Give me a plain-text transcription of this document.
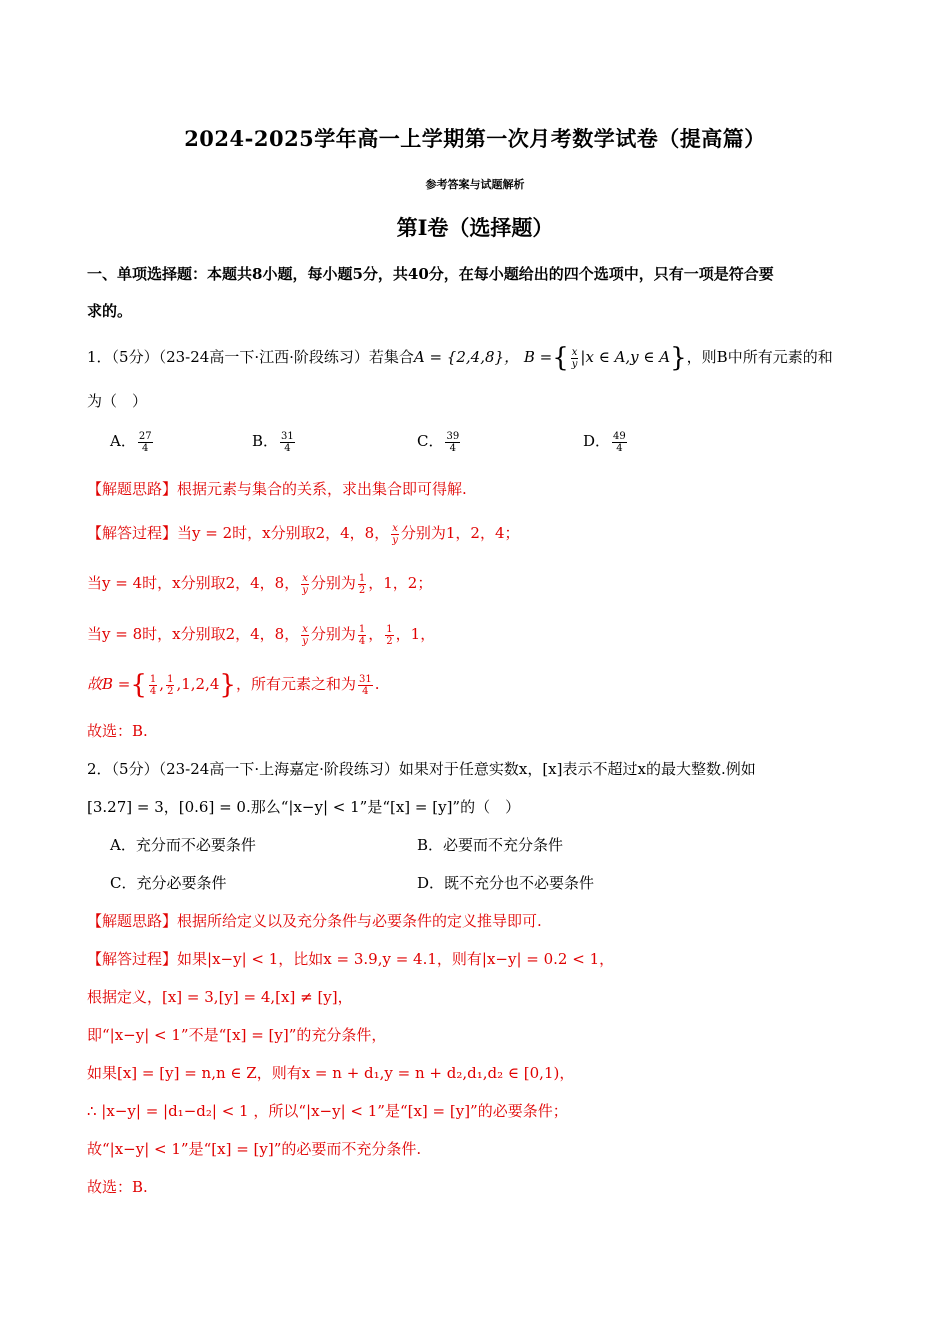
2024-2025学年高一上学期第一次月考数学试卷（提高篇）
参考答案与试题解析
第I卷（选择题）
一、单项选择题：本题共8小题，每小题5分，共40分，在每小题给出的四个选项中，只有一项是符合要
求的。
1．（5分）（23-24高一下·江西·阶段练习）若集合A = {2,4,8}， B ={ $\frac{x}{y} |x$ ∈ A,y ∈ A}，则B中所有元素的和
为（　）
A． $\frac{27}{4}$	B． $\frac{31}{4}$	C． $\frac{39}{4}$	D． $\frac{49}{4}$
【解题思路】根据元素与集合的关系，求出集合即可得解.
【解答过程】当y = 2时，x分别取2，4，8， $\frac{x}{y}$ 分别为1，2，4；
当y = 4时，x分别取2，4，8， $\frac{x}{y}$ 分别为 $\frac{1}{2}$ ，1，2；
当y = 8时，x分别取2，4，8， $\frac{x}{y}$ 分别为 $\frac{1}{4}$ ， $\frac{1}{2}$ ，1，
故B ={ $\frac{1}{4}$ , $\frac{1}{2} ,1,2,4$}，所有元素之和为 $\frac{31}{4}$ .
故选：B.
2．（5分）（23-24高一下·上海嘉定·阶段练习）如果对于任意实数x，[x]表示不超过x的最大整数.例如
[3.27] = 3，[0.6] = 0.那么“|x−y| < 1”是“[x] = [y]”的（　）
A．充分而不必要条件	B．必要而不充分条件
C．充分必要条件	D．既不充分也不必要条件
【解题思路】根据所给定义以及充分条件与必要条件的定义推导即可.
【解答过程】如果|x−y| < 1，比如x = 3.9,y = 4.1，则有|x−y| = 0.2 < 1，
根据定义，[x] = 3,[y] = 4,[x] ≠ [y]，
即“|x−y| < 1”不是“[x] = [y]”的充分条件，
如果[x] = [y] = n,n ∈ Z，则有x = n + d₁,y = n + d₂,d₁,d₂ ∈ [0,1)，
∴ |x−y| = |d₁−d₂| < 1 ，所以“|x−y| < 1”是“[x] = [y]”的必要条件；
故“|x−y| < 1”是“[x] = [y]”的必要而不充分条件.
故选：B.
